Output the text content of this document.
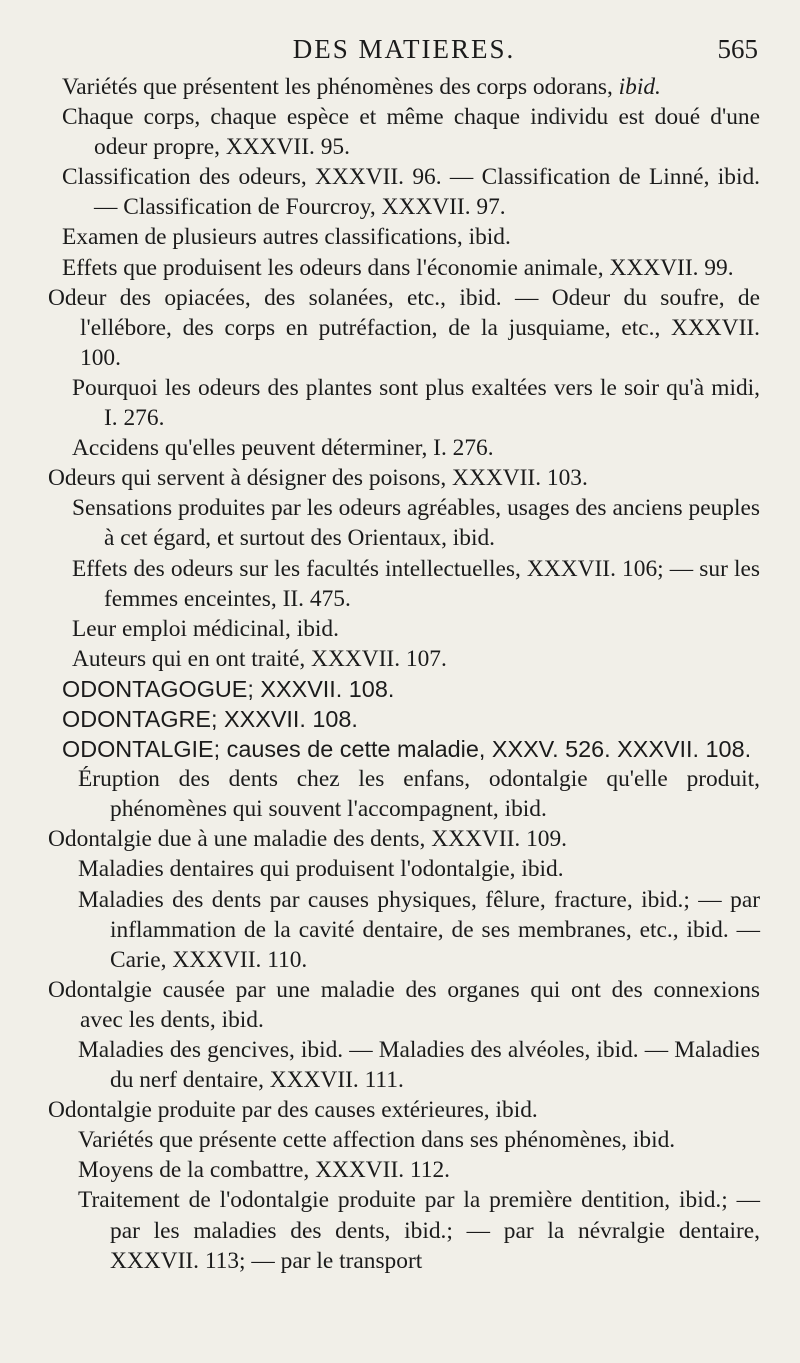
DES MATIERES.	565

Variétés que présentent les phénomènes des corps odorans, ibid.

Chaque corps, chaque espèce et même chaque individu est doué d'une odeur propre, XXXVII. 95.

Classification des odeurs, XXXVII. 96. — Classification de Linné, ibid. — Classification de Fourcroy, XXXVII. 97.

Examen de plusieurs autres classifications, ibid.

Effets que produisent les odeurs dans l'économie animale, XXXVII. 99.

Odeur des opiacées, des solanées, etc., ibid. — Odeur du soufre, de l'ellébore, des corps en putréfaction, de la jusquiame, etc., XXXVII. 100.

Pourquoi les odeurs des plantes sont plus exaltées vers le soir qu'à midi, I. 276.

Accidens qu'elles peuvent déterminer, I. 276.

Odeurs qui servent à désigner des poisons, XXXVII. 103.

Sensations produites par les odeurs agréables, usages des anciens peuples à cet égard, et surtout des Orientaux, ibid.

Effets des odeurs sur les facultés intellectuelles, XXXVII. 106; — sur les femmes enceintes, II. 475.

Leur emploi médicinal, ibid.

Auteurs qui en ont traité, XXXVII. 107.

ODONTAGOGUE; XXXVII. 108.

ODONTAGRE; XXXVII. 108.

ODONTALGIE; causes de cette maladie, XXXV. 526. XXXVII. 108.

Éruption des dents chez les enfans, odontalgie qu'elle produit, phénomènes qui souvent l'accompagnent, ibid.

Odontalgie due à une maladie des dents, XXXVII. 109.

Maladies dentaires qui produisent l'odontalgie, ibid.

Maladies des dents par causes physiques, fêlure, fracture, ibid.; — par inflammation de la cavité dentaire, de ses membranes, etc., ibid. — Carie, XXXVII. 110.

Odontalgie causée par une maladie des organes qui ont des connexions avec les dents, ibid.

Maladies des gencives, ibid. — Maladies des alvéoles, ibid. — Maladies du nerf dentaire, XXXVII. 111.

Odontalgie produite par des causes extérieures, ibid.

Variétés que présente cette affection dans ses phénomènes, ibid.

Moyens de la combattre, XXXVII. 112.

Traitement de l'odontalgie produite par la première dentition, ibid.; — par les maladies des dents, ibid.; — par la névralgie dentaire, XXXVII. 113; — par le transport
